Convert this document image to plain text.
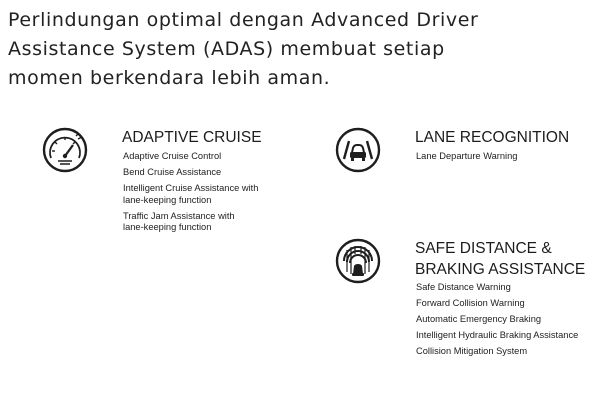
Perlindungan optimal dengan Advanced Driver
Assistance System (ADAS) membuat setiap
momen berkendara lebih aman.
ADAPTIVE CRUISE
Adaptive Cruise Control
Bend Cruise Assistance
Intelligent Cruise Assistance with
lane-keeping function
Traffic Jam Assistance with
lane-keeping function
LANE RECOGNITION
Lane Departure Warning
SAFE DISTANCE &
BRAKING ASSISTANCE
Safe Distance Warning
Forward Collision Warning
Automatic Emergency Braking
Intelligent Hydraulic Braking Assistance
Collision Mitigation System
